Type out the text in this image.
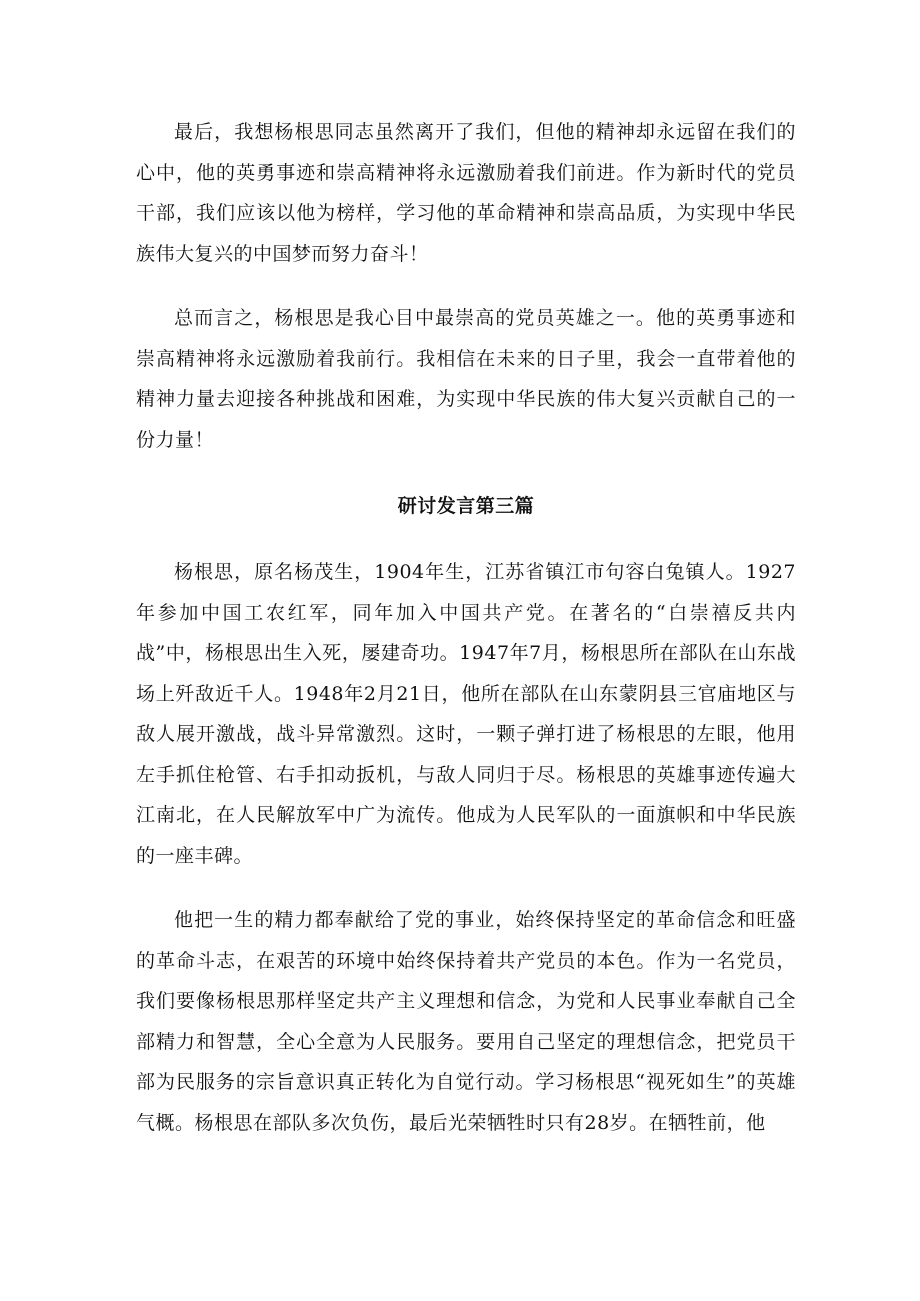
最后，我想杨根思同志虽然离开了我们，但他的精神却永远留在我们的心中，他的英勇事迹和崇高精神将永远激励着我们前进。作为新时代的党员干部，我们应该以他为榜样，学习他的革命精神和崇高品质，为实现中华民族伟大复兴的中国梦而努力奋斗！

总而言之，杨根思是我心目中最崇高的党员英雄之一。他的英勇事迹和崇高精神将永远激励着我前行。我相信在未来的日子里，我会一直带着他的精神力量去迎接各种挑战和困难，为实现中华民族的伟大复兴贡献自己的一份力量！

研讨发言第三篇

杨根思，原名杨茂生，1904年生，江苏省镇江市句容白兔镇人。1927年参加中国工农红军，同年加入中国共产党。在著名的“白崇禧反共内战”中，杨根思出生入死，屡建奇功。1947年7月，杨根思所在部队在山东战场上歼敌近千人。1948年2月21日，他所在部队在山东蒙阴县三官庙地区与敌人展开激战，战斗异常激烈。这时，一颗子弹打进了杨根思的左眼，他用左手抓住枪管、右手扣动扳机，与敌人同归于尽。杨根思的英雄事迹传遍大江南北，在人民解放军中广为流传。他成为人民军队的一面旗帜和中华民族的一座丰碑。

他把一生的精力都奉献给了党的事业，始终保持坚定的革命信念和旺盛的革命斗志，在艰苦的环境中始终保持着共产党员的本色。作为一名党员，我们要像杨根思那样坚定共产主义理想和信念，为党和人民事业奉献自己全部精力和智慧，全心全意为人民服务。要用自己坚定的理想信念，把党员干部为民服务的宗旨意识真正转化为自觉行动。学习杨根思“视死如生”的英雄气概。杨根思在部队多次负伤，最后光荣牺牲时只有28岁。在牺牲前，他
